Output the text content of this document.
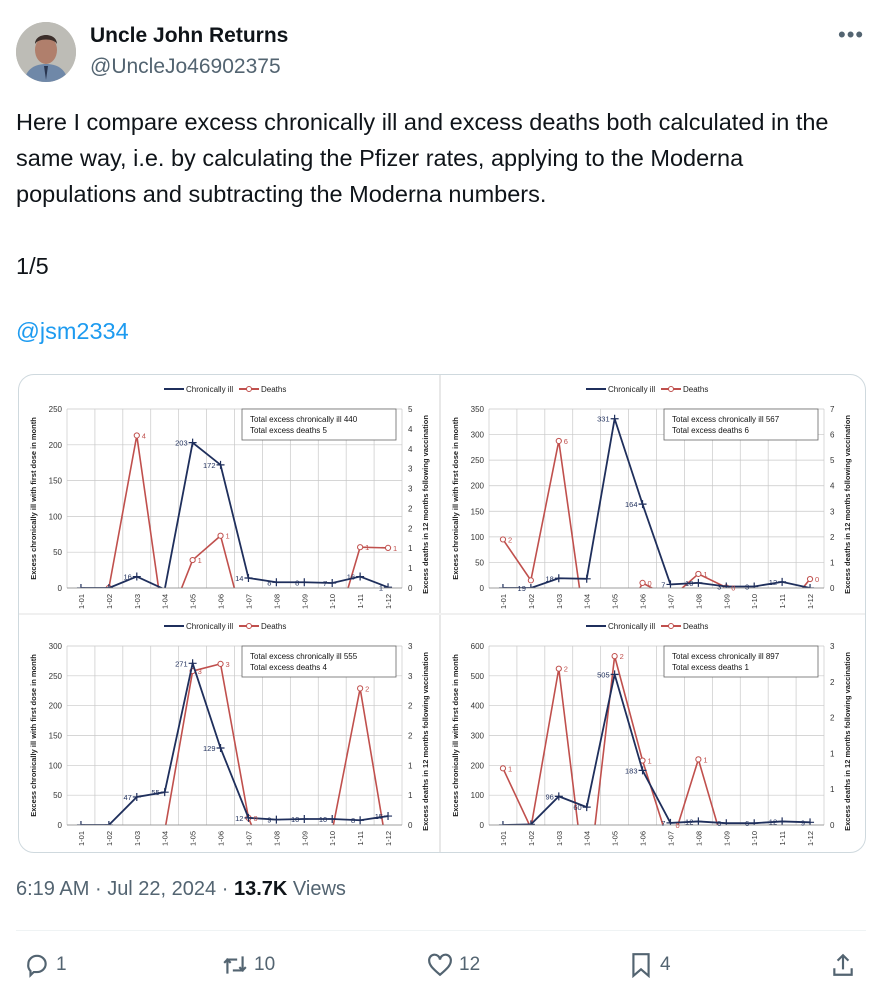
Uncle John Returns
@UncleJo46902375
•••
Here I compare excess chronically ill and excess deaths both calculated in the same way, i.e. by calculating the Pfizer rates, applying to the Moderna populations and subtracting the Moderna numbers.

1/5
@jsm2334
Chronically ill	Deaths
0
50
100
150
200
250
0
1
1
2
2
3
3
4
4
5
1-01	1-02	1-03	1-04	1-05	1-06	1-07	1-08	1-09	1-10	1-11	1-12
Excess chronically ill with first dose in month	Excess deaths in 12 months following vaccination
16
203
172
14	8	8	7
16
1
4
1
1
1	1
Total excess chronically ill 440
Total excess deaths 5
Chronically ill	Deaths
0
50
100
150
200
250
300
350
0
1
2
3
4
5
6
7
1-01	1-02	1-03	1-04	1-05	1-06	1-07	1-08	1-09	1-10	1-11	1-12
Excess chronically ill with first dose in month	Excess deaths in 12 months following vaccination
19
18
331
164
7	10	3	3
12
2
6
0
1
0
0
Total excess chronically ill 567
Total excess deaths 6
Chronically ill	Deaths
0
50
100
150
200
250
300
0
1
1
2
2
3
3
1-01	1-02	1-03	1-04	1-05	1-06	1-07	1-08	1-09	1-10	1-11	1-12
Excess chronically ill with first dose in month	Excess deaths in 12 months following vaccination
47
55
271
129
12	9	10	10	8	15
3
3
0
2
Total excess chronically ill 555
Total excess deaths 4
Chronically ill	Deaths
0
100
200
300
400
500
600
0
1
1
2
2
3
1-01	1-02	1-03	1-04	1-05	1-06	1-07	1-08	1-09	1-10	1-11	1-12
Excess chronically ill with first dose in month	Excess deaths in 12 months following vaccination
96
60
505
183
7	12	6	6	12	9
1
2
2
1
0
1
Total excess chronically ill 897
Total excess deaths 1
6:19 AM · Jul 22, 2024 · 13.7K Views
1	10	12	4
